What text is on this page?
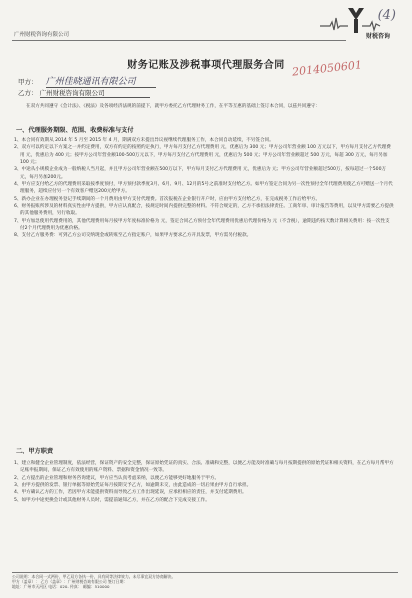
广州财税咨询有限公司	财税咨询
(4)
2014050601
财务记账及涉税事项代理服务合同
甲方： 广州佳晓通讯有限公司
乙方： 广州财税咨询有限公司

在双方共同遵守《会计法》、《税法》及各项经济法规的前提下，就甲方委托乙方代理财务工作，在平等互惠的基础上签订本合同，以兹共同遵守：

一、代理服务期限、范围、收费标准与支付

1、本合同有效期从 2014 年 5 月至 2015 年 4 月，期满双方未提出异议视继续代理服务工作，本合同自动延续，不另签合同。

2、双方可以约定以下方案之一并约定费用，双方有约定的按照约定执行，甲方每月支付乙方代理费用 元，优惠后为 300 元；甲方公司年营业额 100 万元以下，甲方每月支付乙方代理费用 元，优惠后为 400 元；按甲方公司年营业额100-500万元以下，甲方每月支付乙方代理费用 元，优惠后为 500 元；甲方公司年营业额超过 500 万元，每超 300 万元，每月另加 100 元；

3、中途从小规模企业成为一般纳税人当月起，并且甲方公司年营业额在500万以下，甲方每月支付乙方代理费用 元，优惠后为 元；甲方公司年营业额超过500万，按每超过一个500万元，每月另加200元。

4、甲方应支付给乙方的代理费用采取按季度预付，甲方预付款季度3月、6月、9月、12月的5号之前准时支付给乙方。如甲方签定合同为另一次性预付全年代理费用使乙方可赠送一个月代理服务，超续应付另一个有效客户赠送200元给甲方。

5、新办企业在办理税务登记手续期间的一个月费用由甲方支付代理费。首次报税在企业银行开户时，应由甲方支付给乙方，在完成税务工作后给甲方。

6、财务报账所涉及的材料真实性由甲方提供，甲方应认真配合，按规定时间内提供完整的材料。不符合规定的，乙方不承担法律责任。工商年审、审计报告等费用，以及甲方需要乙方提供的其他服务费用，另行收取。

7、甲方加急使用代理费用的，其他代理费用每月按甲方年度标准价格为 元，签定合同乙方预付全年代理费用优惠后代理价格为 元（不含税），逾期违约按天数计算相关费用：按一次性支付2个月代理费用为优惠价格。

8、支付乙方服务费：可到乙方公司交纳现金或转账至乙方指定账户，如果甲方要求乙方开具发票，甲方需另付税款。

二、甲方职责

1、建立和健全企业管理制度，依法经营，保证资产的安全完整，保证原始凭证的真实、合法、准确和完整，以便乙方能及时准确与每月按期提供的原始凭证和相关资料，在乙方每月帮甲方记账申报期间，保证乙方有效使用的账户资料、票据和资金情况一致等。

2、乙方提出的企业管理和财务咨询建议，甲方应当认真考虑采纳，以便乙方能够更好地服务于甲方。

3、由甲方提供的发票、银行单据等原始凭证每月按期交予乙方，如逾期未交，由此造成的一切后果由甲方自行承担。

4、甲方确认乙方的工作，若因甲方未能提供资料而导致乙方工作出现延误，应承担相应的责任，并支付延期费用。

5、如甲方中途更换会计或其他财务人员时，需提前通知乙方，并在乙方的配合下完成交接工作。

公司说明：本合同一式两份，甲乙双方各执一份，具有同等法律效力。未尽事宜双方协商解决。
甲方（盖章）： 乙方（盖章）：广州财税咨询有限公司 签订日期：
地址：广州市天河区 电话：020- 传真： 邮编：510000
